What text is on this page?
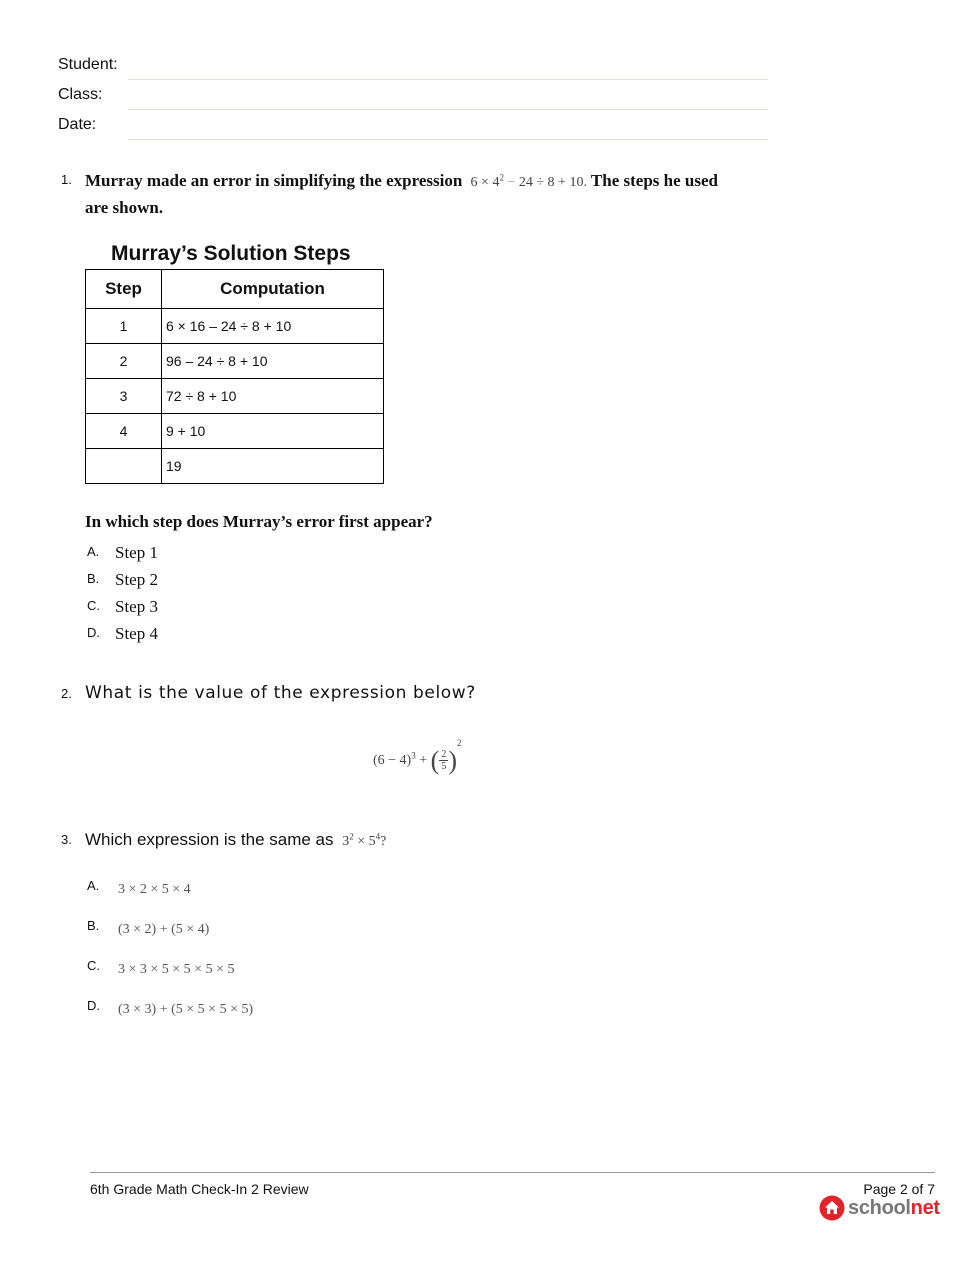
Student:
Class:
Date:
1. Murray made an error in simplifying the expression $6 \times 4^2 - 24 \div 8 + 10$. The steps he used
are shown.
Murray’s Solution Steps
Step	Computation
1	6 × 16 – 24 ÷ 8 + 10
2	96 – 24 ÷ 8 + 10
3	72 ÷ 8 + 10
4	9 + 10
	19
In which step does Murray’s error first appear?
A. Step 1
B. Step 2
C. Step 3
D. Step 4
2. What is the value of the expression below?
$(6 - 4)^3$ + ( $\frac{2}{5} )^2$
3. Which expression is the same as $3^2 \times 5^4$?
A. 3 × 2 × 5 × 4
B. (3 × 2) + (5 × 4)
C. 3 × 3 × 5 × 5 × 5 × 5
D. (3 × 3) + (5 × 5 × 5 × 5)
6th Grade Math Check-In 2 Review	Page 2 of 7
schoolnet
